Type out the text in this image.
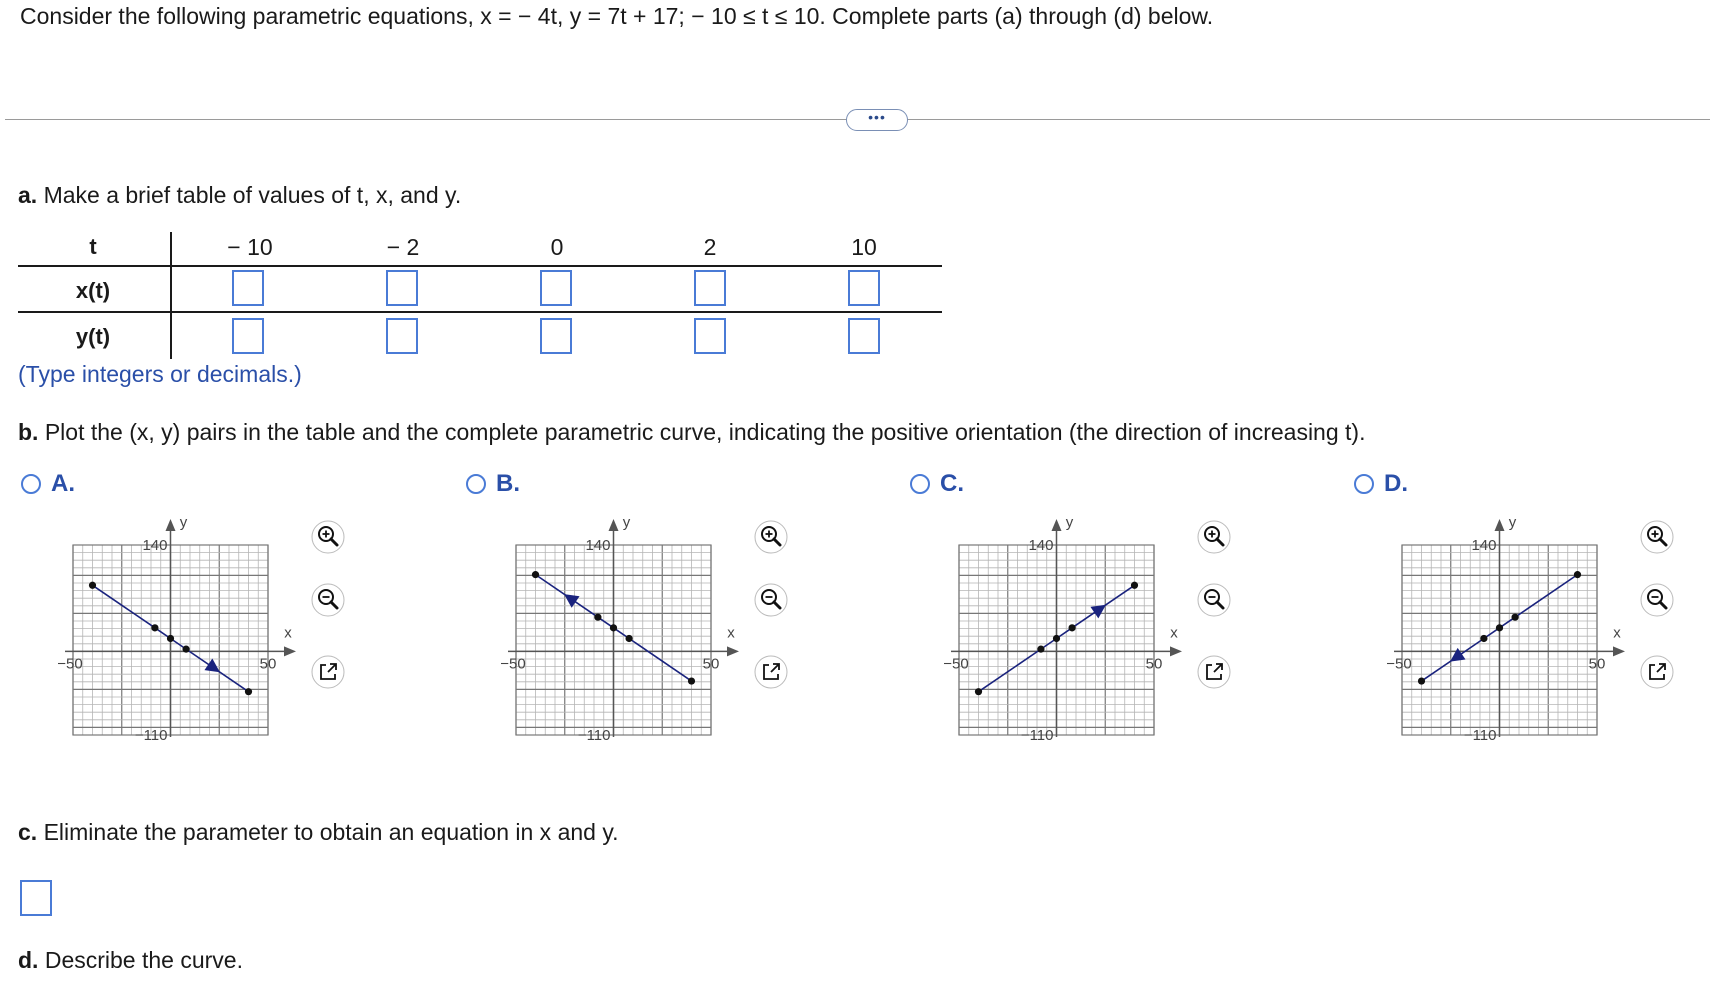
Consider the following parametric equations, x = − 4t, y = 7t + 17; − 10 ≤ t ≤ 10. Complete parts (a) through (d) below.
•••
a. Make a brief table of values of t, x, and y.
t	− 10	− 2	0	2	10
x(t)
y(t)
(Type integers or decimals.)
b. Plot the (x, y) pairs in the table and the complete parametric curve, indicating the positive orientation (the direction of increasing t).
A.	B.	C.	D.
y
x
140
−110
−50	50
y
x
140
−110
−50	50
y
x
140
−110
−50	50
y
x
140
−110
−50	50
c. Eliminate the parameter to obtain an equation in x and y.
d. Describe the curve.
